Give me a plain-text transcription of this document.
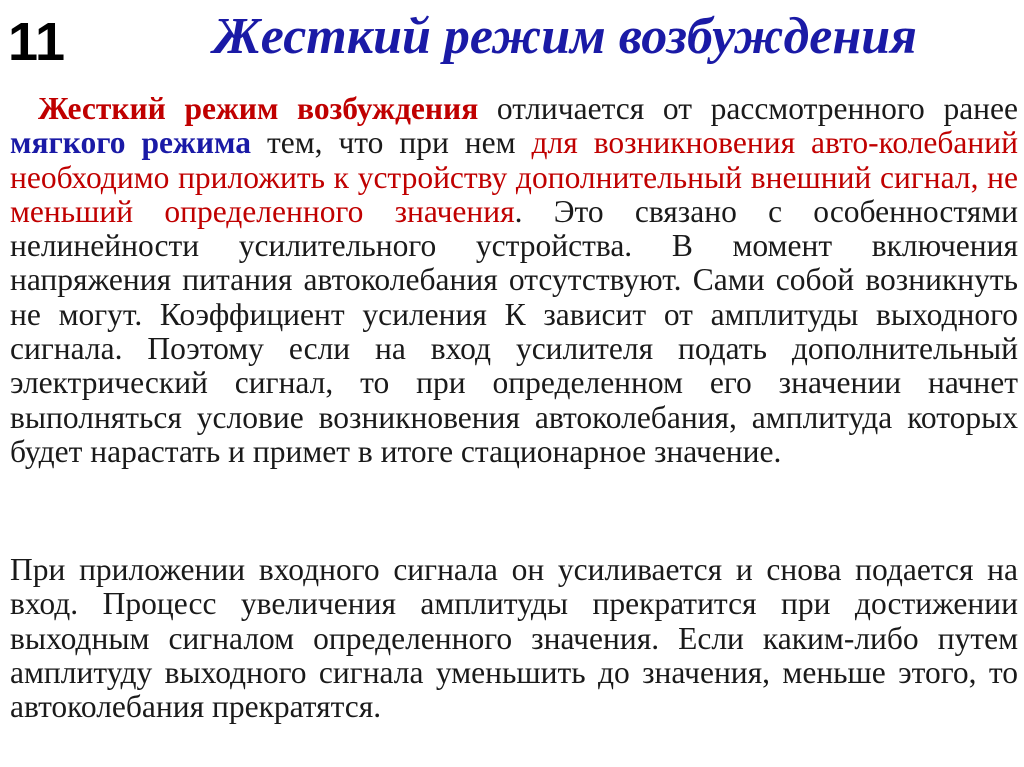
11	Жесткий режим возбуждения

Жесткий режим возбуждения отличается от рассмотренного ранее мягкого режима тем, что при нем для возникновения авто-колебаний необходимо приложить к устройству дополнительный внешний сигнал, не меньший определенного значения. Это связано с особенностями нелинейности усилительного устройства. В момент включения напряжения питания автоколебания отсутствуют. Сами собой возникнуть не могут. Коэффициент усиления К зависит от амплитуды выходного сигнала. Поэтому если на вход усилителя подать дополнительный электрический сигнал, то при определенном его значении начнет выполняться условие возникновения автоколебания, амплитуда которых будет нарастать и примет в итоге стационарное значение.

При приложении входного сигнала он усиливается и снова подается на вход. Процесс увеличения амплитуды прекратится при достижении выходным сигналом определенного значения. Если каким-либо путем амплитуду выходного сигнала уменьшить до значения, меньше этого, то автоколебания прекратятся.
